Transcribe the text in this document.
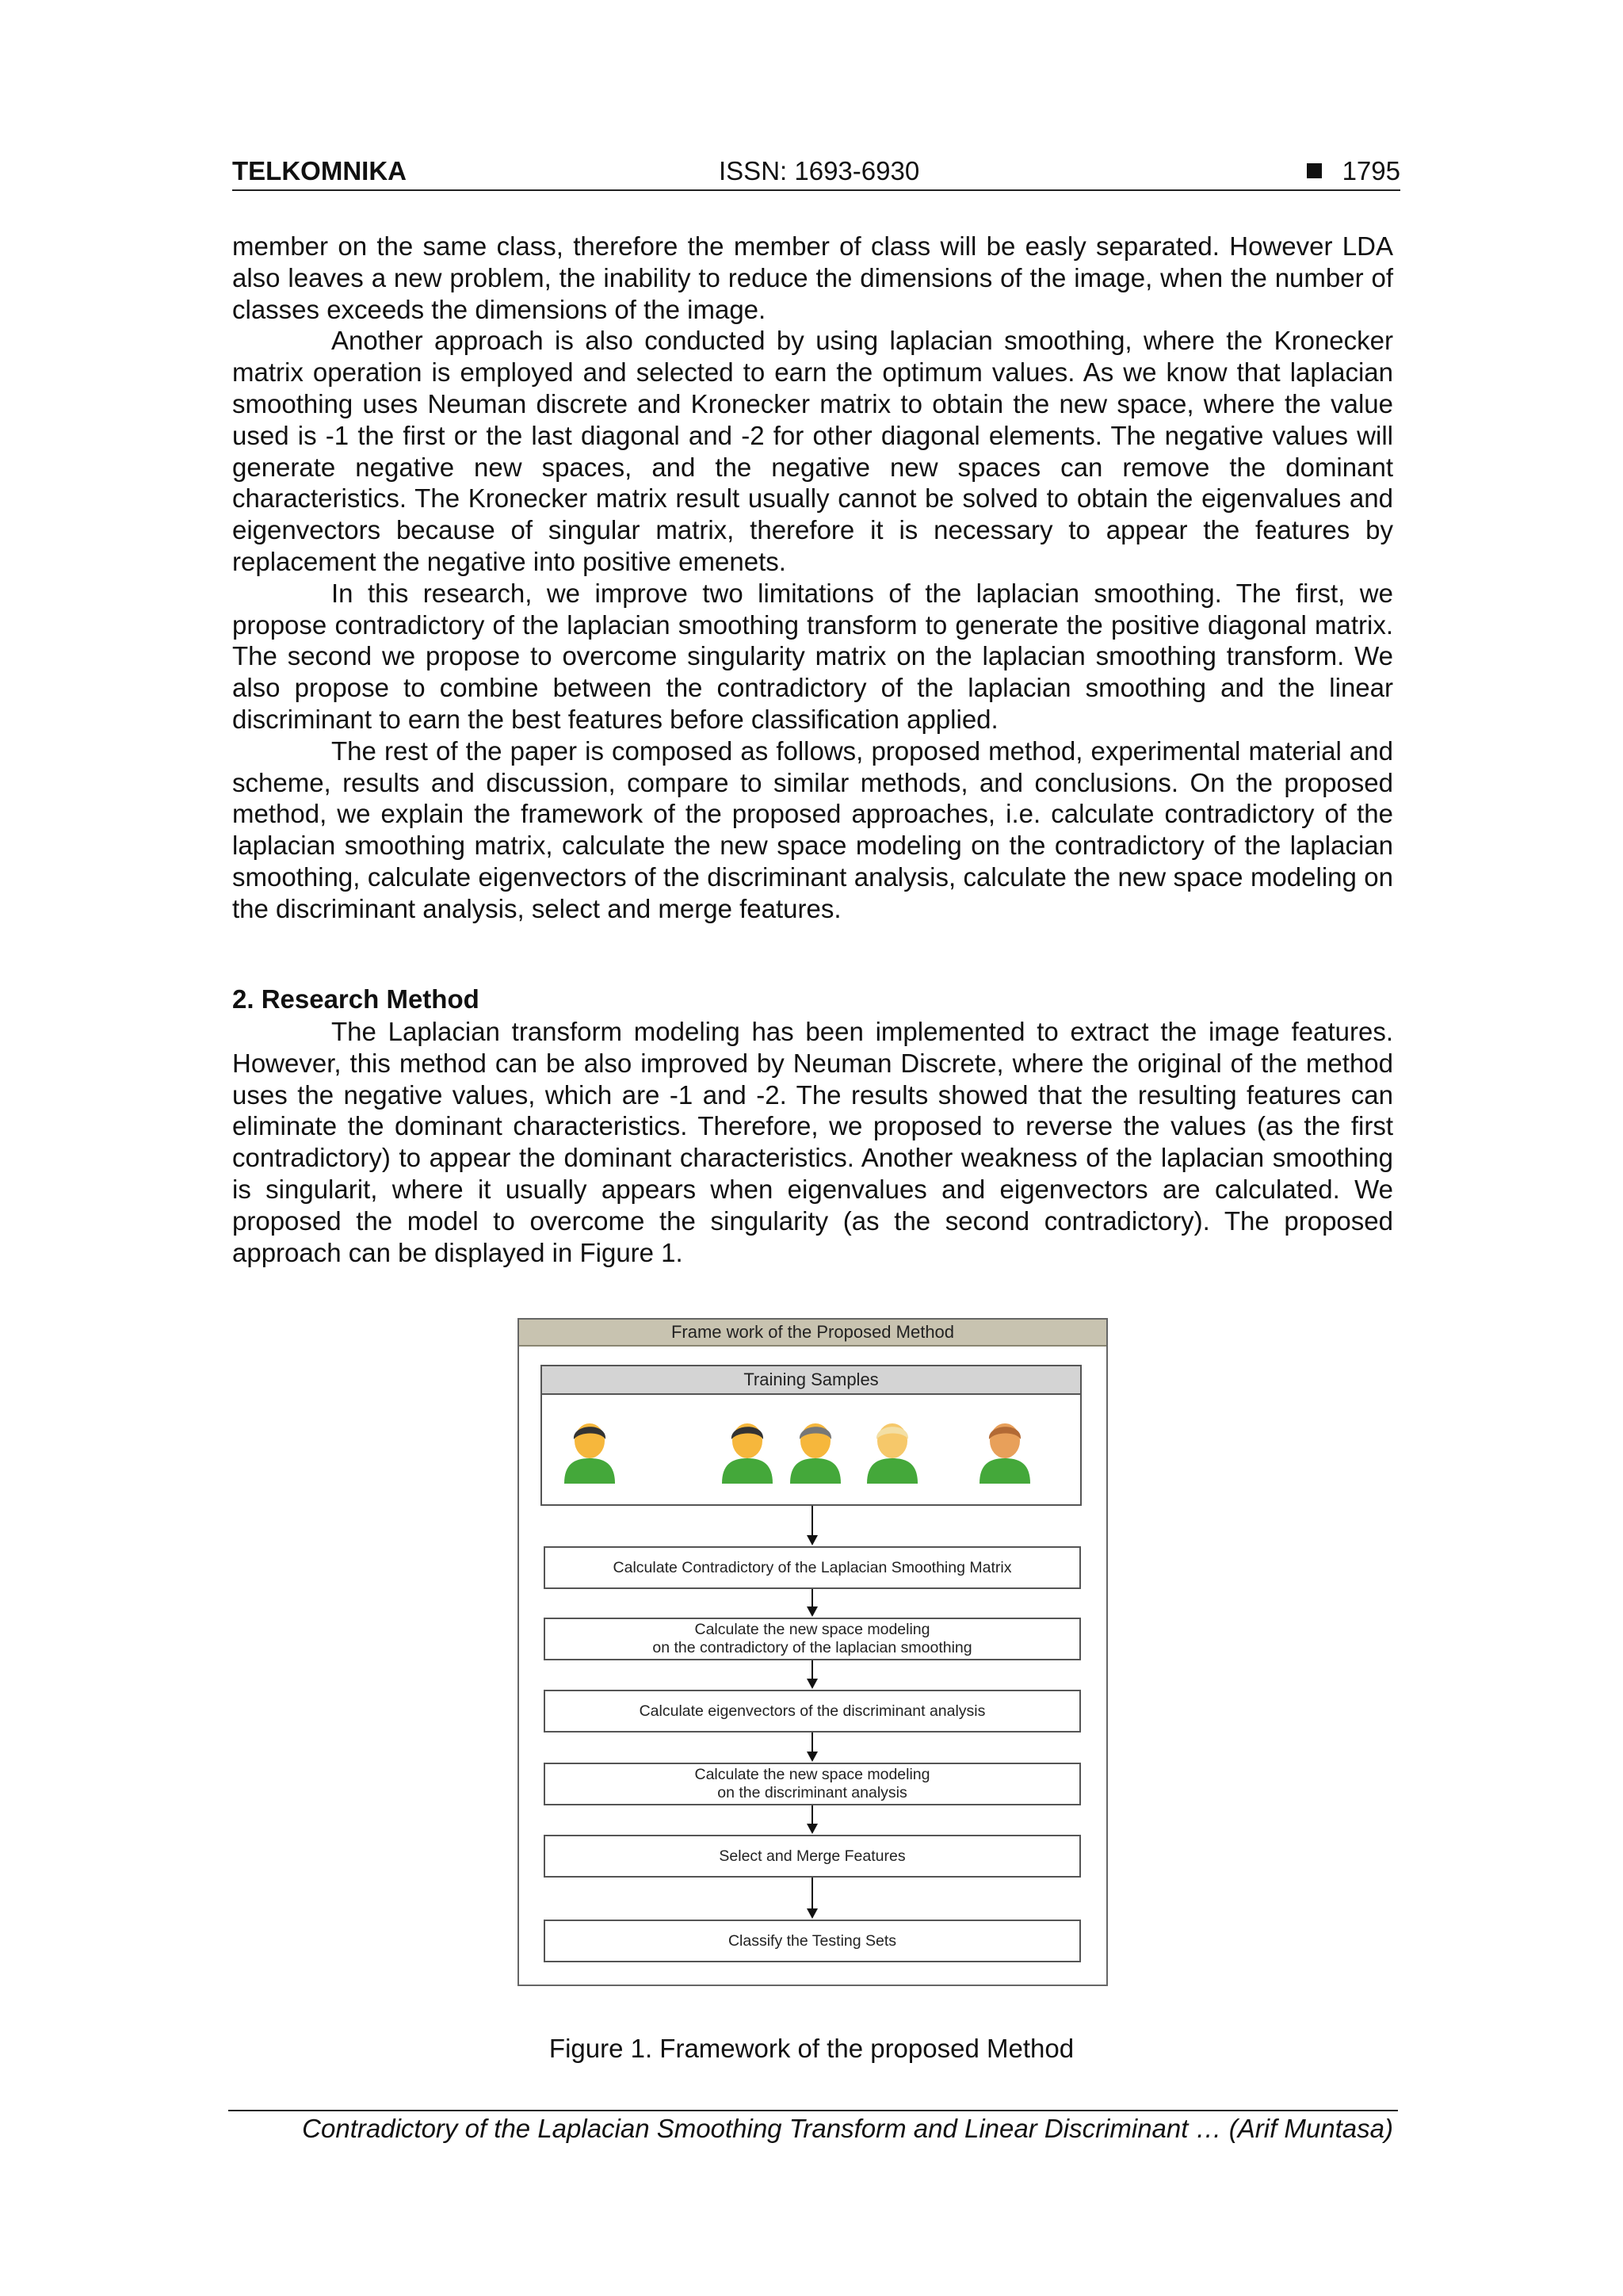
TELKOMNIKA	ISSN: 1693-6930	1795

member on the same class, therefore the member of class will be easly separated. However LDA also leaves a new problem, the inability to reduce the dimensions of the image, when the number of classes exceeds the dimensions of the image.

Another approach is also conducted by using laplacian smoothing, where the Kronecker matrix operation is employed and selected to earn the optimum values. As we know that laplacian smoothing uses Neuman discrete and Kronecker matrix to obtain the new space, where the value used is -1 the first or the last diagonal and -2 for other diagonal elements. The negative values will generate negative new spaces, and the negative new spaces can remove the dominant characteristics. The Kronecker matrix result usually cannot be solved to obtain the eigenvalues and eigenvectors because of singular matrix, therefore it is necessary to appear the features by replacement the negative into positive emenets.

In this research, we improve two limitations of the laplacian smoothing. The first, we propose contradictory of the laplacian smoothing transform to generate the positive diagonal matrix. The second we propose to overcome singularity matrix on the laplacian smoothing transform. We also propose to combine between the contradictory of the laplacian smoothing and the linear discriminant to earn the best features before classification applied.

The rest of the paper is composed as follows, proposed method, experimental material and scheme, results and discussion, compare to similar methods, and conclusions. On the proposed method, we explain the framework of the proposed approaches, i.e. calculate contradictory of the laplacian smoothing matrix, calculate the new space modeling on the contradictory of the laplacian smoothing, calculate eigenvectors of the discriminant analysis, calculate the new space modeling on the discriminant analysis, select and merge features.

2. Research Method

The Laplacian transform modeling has been implemented to extract the image features. However, this method can be also improved by Neuman Discrete, where the original of the method uses the negative values, which are -1 and -2. The results showed that the resulting features can eliminate the dominant characteristics. Therefore, we proposed to reverse the values (as the first contradictory) to appear the dominant characteristics. Another weakness of the laplacian smoothing is singularit, where it usually appears when eigenvalues and eigenvectors are calculated. We proposed the model to overcome the singularity (as the second contradictory). The proposed approach can be displayed in Figure 1.

Frame work of the Proposed Method
Training Samples
Calculate Contradictory of the Laplacian Smoothing Matrix
Calculate the new space modeling
on the contradictory of the laplacian smoothing
Calculate eigenvectors of the discriminant analysis
Calculate the new space modeling
on the discriminant analysis
Select and Merge Features
Classify the Testing Sets
Figure 1. Framework of the proposed Method
Contradictory of the Laplacian Smoothing Transform and Linear Discriminant … (Arif Muntasa)
